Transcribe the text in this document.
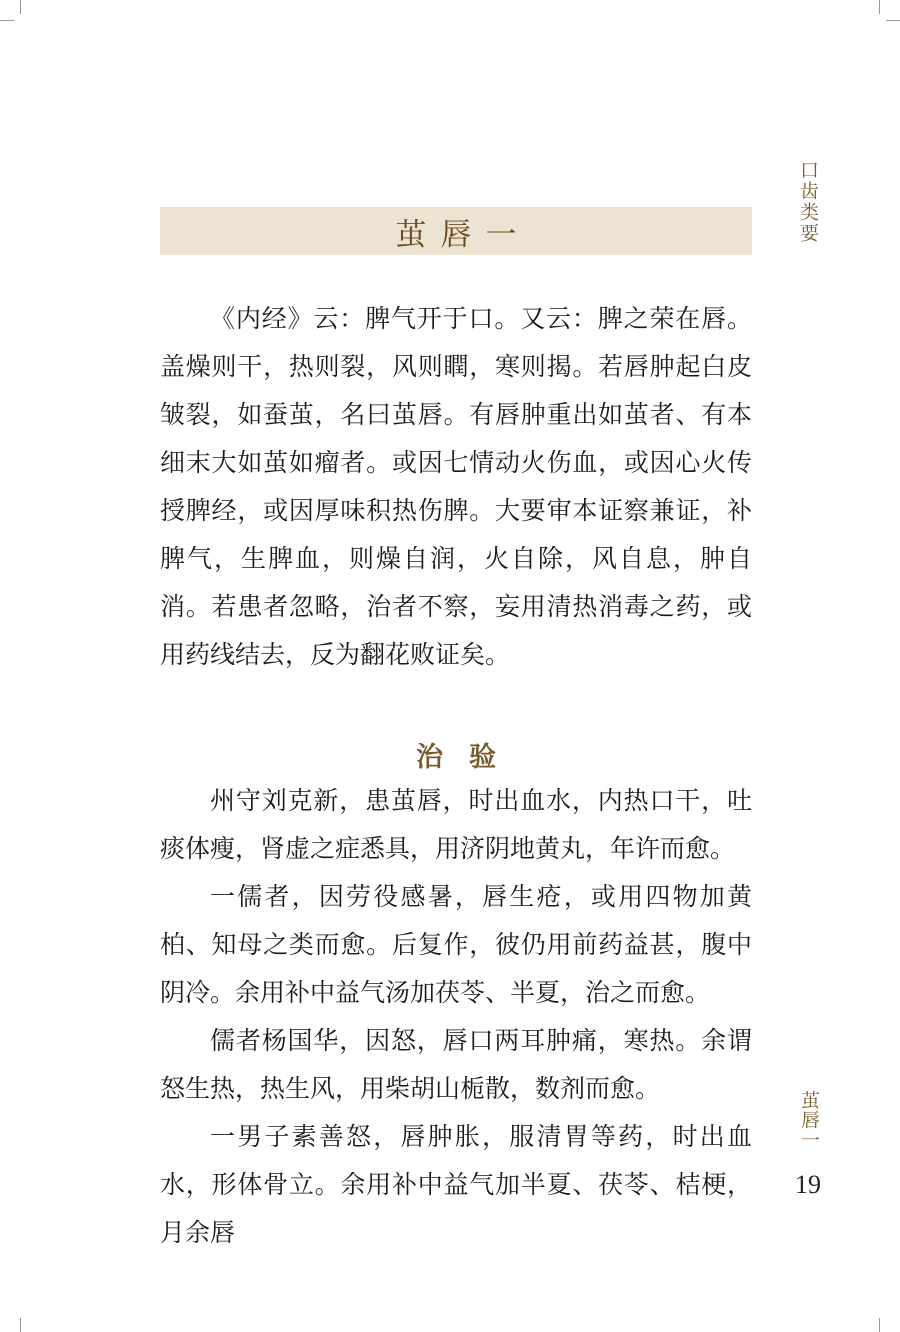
口齿类要
茧唇一

《内经》云：脾气开于口。又云：脾之荣在唇。盖燥则干，热则裂，风则瞤，寒则揭。若唇肿起白皮皱裂，如蚕茧，名曰茧唇。有唇肿重出如茧者、有本细末大如茧如瘤者。或因七情动火伤血，或因心火传授脾经，或因厚味积热伤脾。大要审本证察兼证，补脾气，生脾血，则燥自润，火自除，风自息，肿自消。若患者忽略，治者不察，妄用清热消毒之药，或用药线结去，反为翻花败证矣。

治验

州守刘克新，患茧唇，时出血水，内热口干，吐痰体瘦，肾虚之症悉具，用济阴地黄丸，年许而愈。

一儒者，因劳役感暑，唇生疮，或用四物加黄柏、知母之类而愈。后复作，彼仍用前药益甚，腹中阴冷。余用补中益气汤加茯苓、半夏，治之而愈。

儒者杨国华，因怒，唇口两耳肿痛，寒热。余谓怒生热，热生风，用柴胡山栀散，数剂而愈。

一男子素善怒，唇肿胀，服清胃等药，时出血水，形体骨立。余用补中益气加半夏、茯苓、桔梗，月余唇

茧唇一
19
